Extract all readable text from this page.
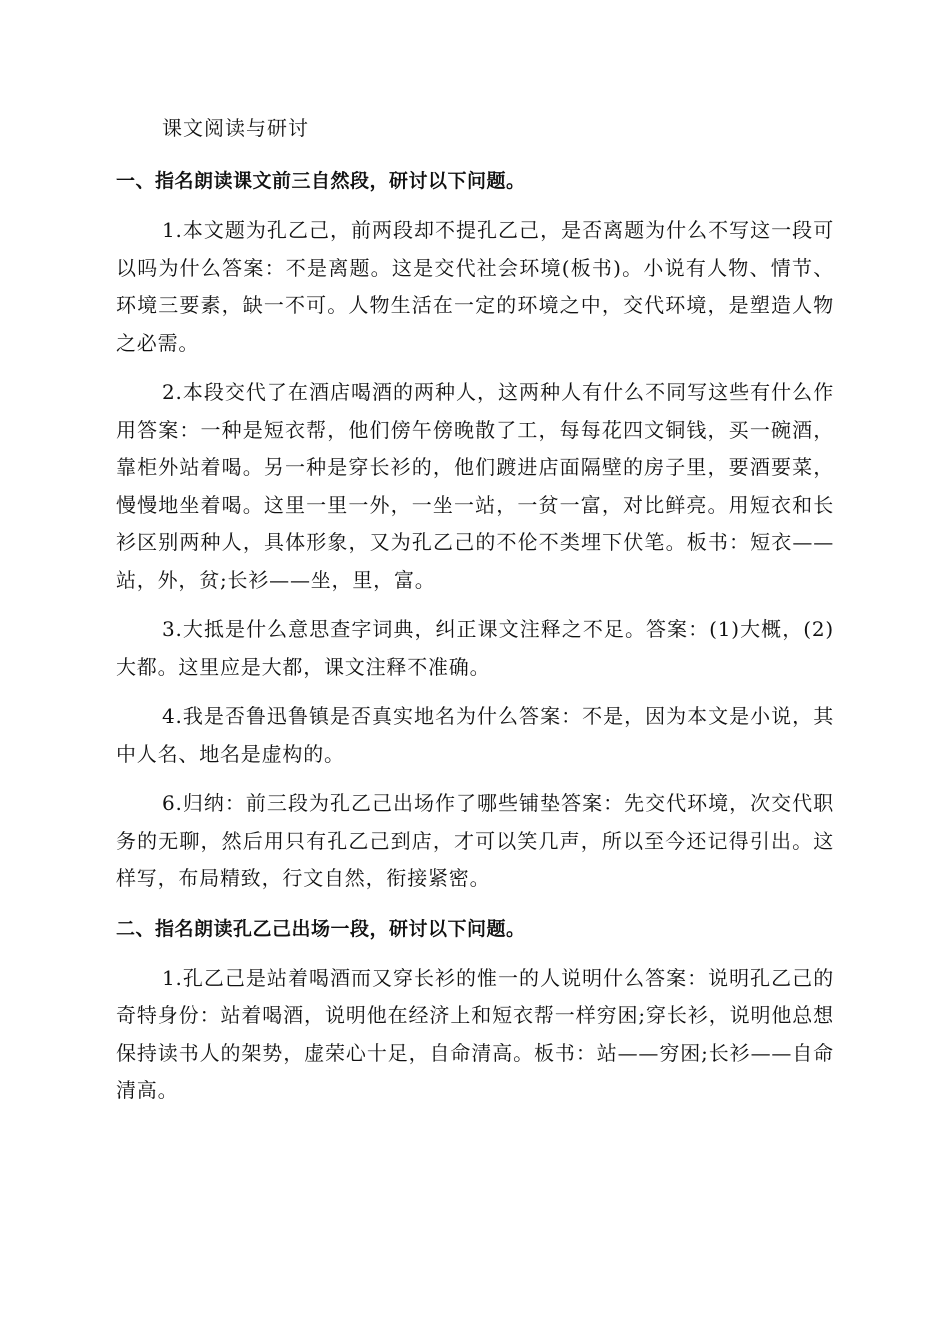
课文阅读与研讨
一、指名朗读课文前三自然段，研讨以下问题。

1.本文题为孔乙己，前两段却不提孔乙己，是否离题为什么不写这一段可以吗为什么答案：不是离题。这是交代社会环境(板书)。小说有人物、情节、环境三要素，缺一不可。人物生活在一定的环境之中，交代环境，是塑造人物之必需。

2.本段交代了在酒店喝酒的两种人，这两种人有什么不同写这些有什么作用答案：一种是短衣帮，他们傍午傍晚散了工，每每花四文铜钱，买一碗酒，靠柜外站着喝。另一种是穿长衫的，他们踱进店面隔壁的房子里，要酒要菜，慢慢地坐着喝。这里一里一外，一坐一站，一贫一富，对比鲜亮。用短衣和长衫区别两种人，具体形象，又为孔乙己的不伦不类埋下伏笔。板书：短衣——站，外，贫;长衫——坐，里，富。

3.大抵是什么意思查字词典，纠正课文注释之不足。答案：(1)大概，(2)大都。这里应是大都，课文注释不准确。

4.我是否鲁迅鲁镇是否真实地名为什么答案：不是，因为本文是小说，其中人名、地名是虚构的。

6.归纳：前三段为孔乙己出场作了哪些铺垫答案：先交代环境，次交代职务的无聊，然后用只有孔乙己到店，才可以笑几声，所以至今还记得引出。这样写，布局精致，行文自然，衔接紧密。

二、指名朗读孔乙己出场一段，研讨以下问题。

1.孔乙己是站着喝酒而又穿长衫的惟一的人说明什么答案：说明孔乙己的奇特身份：站着喝酒，说明他在经济上和短衣帮一样穷困;穿长衫，说明他总想保持读书人的架势，虚荣心十足，自命清高。板书：站——穷困;长衫——自命清高。
